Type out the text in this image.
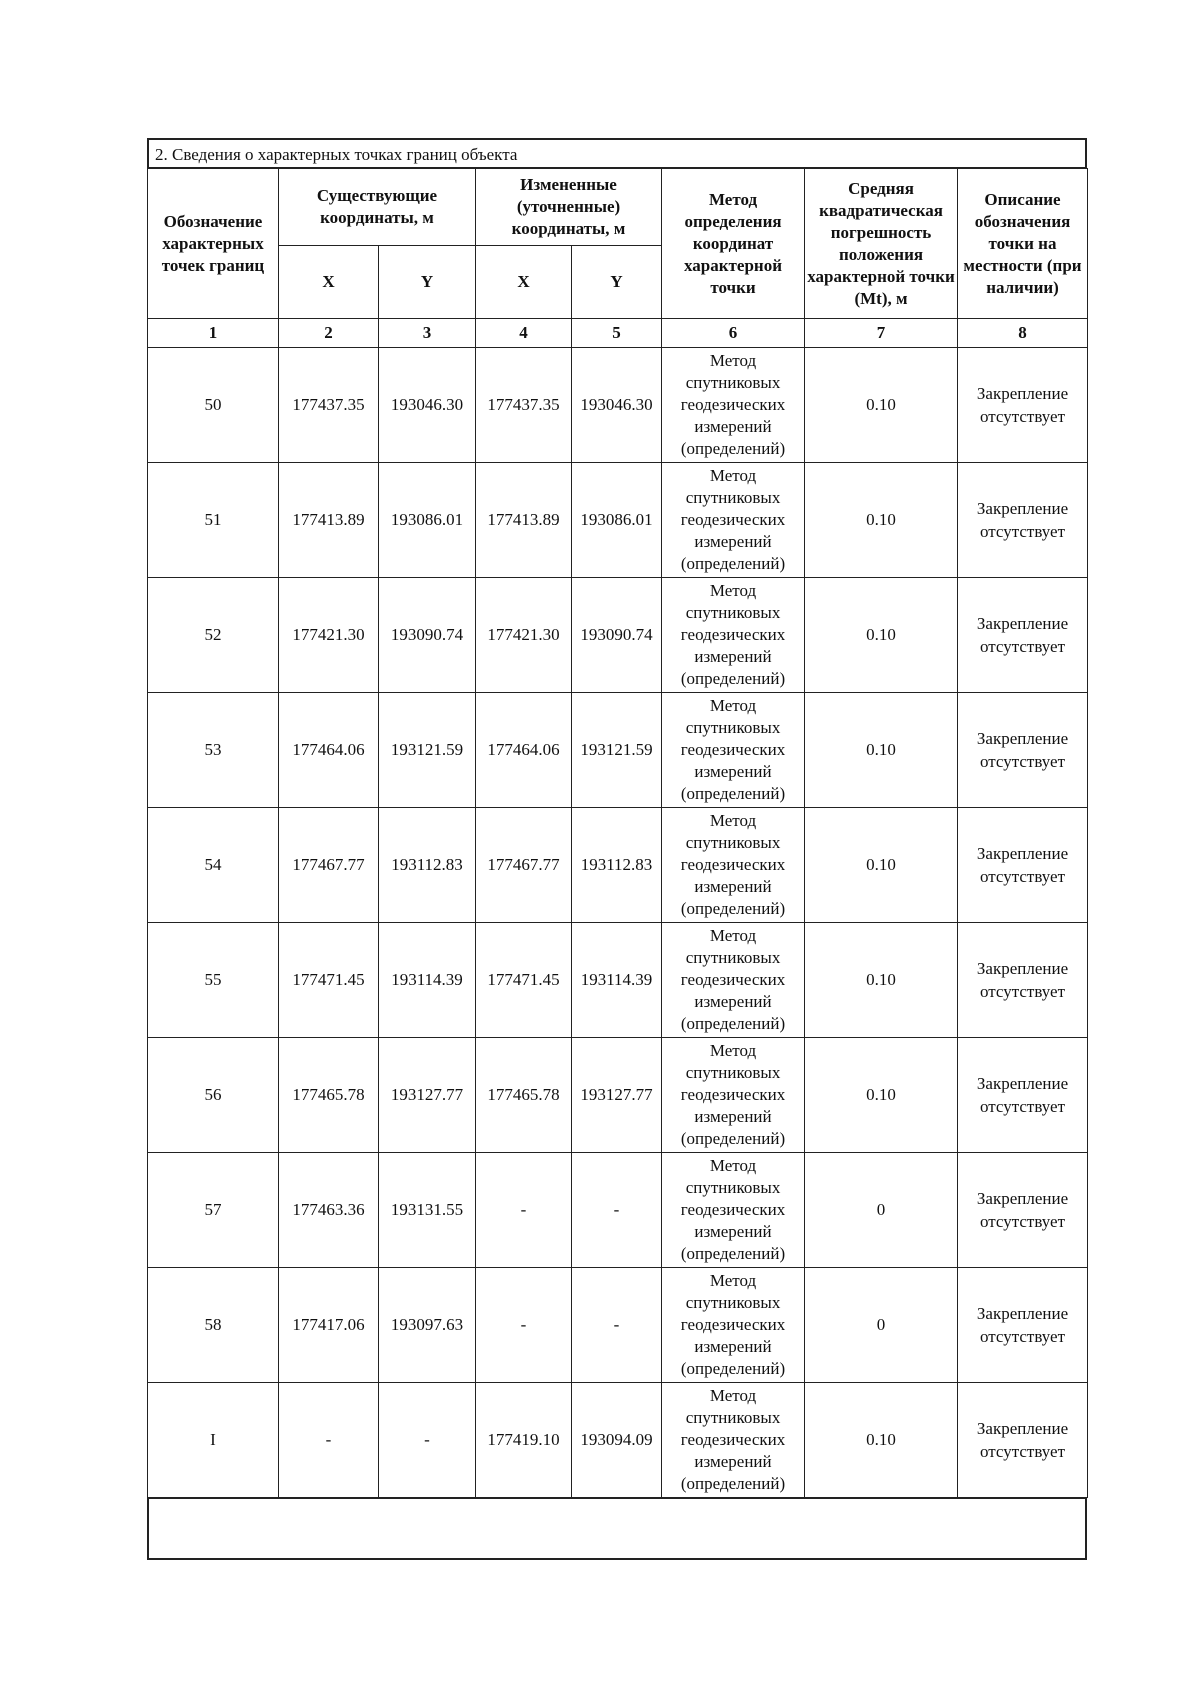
2. Сведения о характерных точках границ объекта
Обозначение характерных точек границ	Существующие координаты, м		Измененные (уточненные) координаты, м		Метод определения координат характерной точки	Средняя квадратическая погрешность положения характерной точки (Mt), м	Описание обозначения точки на местности (при наличии)
	X	Y	X	Y			
1	2	3	4	5	6	7	8
50	177437.35	193046.30	177437.35	193046.30	Метод спутниковых геодезических измерений (определений)	0.10	Закрепление отсутствует
51	177413.89	193086.01	177413.89	193086.01	Метод спутниковых геодезических измерений (определений)	0.10	Закрепление отсутствует
52	177421.30	193090.74	177421.30	193090.74	Метод спутниковых геодезических измерений (определений)	0.10	Закрепление отсутствует
53	177464.06	193121.59	177464.06	193121.59	Метод спутниковых геодезических измерений (определений)	0.10	Закрепление отсутствует
54	177467.77	193112.83	177467.77	193112.83	Метод спутниковых геодезических измерений (определений)	0.10	Закрепление отсутствует
55	177471.45	193114.39	177471.45	193114.39	Метод спутниковых геодезических измерений (определений)	0.10	Закрепление отсутствует
56	177465.78	193127.77	177465.78	193127.77	Метод спутниковых геодезических измерений (определений)	0.10	Закрепление отсутствует
57	177463.36	193131.55	-	-	Метод спутниковых геодезических измерений (определений)	0	Закрепление отсутствует
58	177417.06	193097.63	-	-	Метод спутниковых геодезических измерений (определений)	0	Закрепление отсутствует
I	-	-	177419.10	193094.09	Метод спутниковых геодезических измерений (определений)	0.10	Закрепление отсутствует
